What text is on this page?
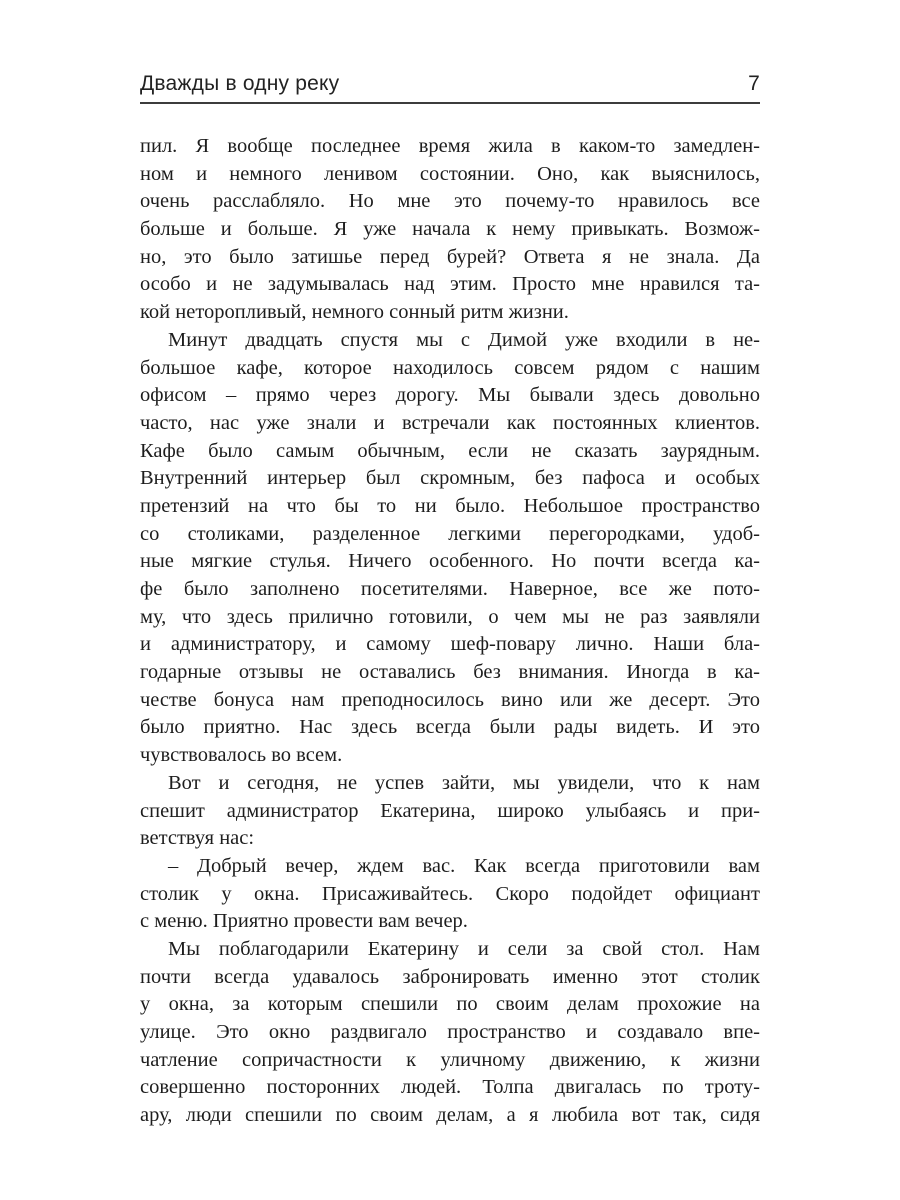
Дважды в одну реку	7
пил. Я вообще последнее время жила в каком-то замедлен-
ном и немного ленивом состоянии. Оно, как выяснилось,
очень расслабляло. Но мне это почему-то нравилось все
больше и больше. Я уже начала к нему привыкать. Возмож-
но, это было затишье перед бурей? Ответа я не знала. Да
особо и не задумывалась над этим. Просто мне нравился та-
кой неторопливый, немного сонный ритм жизни.
Минут двадцать спустя мы с Димой уже входили в не-
большое кафе, которое находилось совсем рядом с нашим
офисом – прямо через дорогу. Мы бывали здесь довольно
часто, нас уже знали и встречали как постоянных клиентов.
Кафе было самым обычным, если не сказать заурядным.
Внутренний интерьер был скромным, без пафоса и особых
претензий на что бы то ни было. Небольшое пространство
со столиками, разделенное легкими перегородками, удоб-
ные мягкие стулья. Ничего особенного. Но почти всегда ка-
фе было заполнено посетителями. Наверное, все же пото-
му, что здесь прилично готовили, о чем мы не раз заявляли
и администратору, и самому шеф-повару лично. Наши бла-
годарные отзывы не оставались без внимания. Иногда в ка-
честве бонуса нам преподносилось вино или же десерт. Это
было приятно. Нас здесь всегда были рады видеть. И это
чувствовалось во всем.
Вот и сегодня, не успев зайти, мы увидели, что к нам
спешит администратор Екатерина, широко улыбаясь и при-
ветствуя нас:
– Добрый вечер, ждем вас. Как всегда приготовили вам
столик у окна. Присаживайтесь. Скоро подойдет официант
с меню. Приятно провести вам вечер.
Мы поблагодарили Екатерину и сели за свой стол. Нам
почти всегда удавалось забронировать именно этот столик
у окна, за которым спешили по своим делам прохожие на
улице. Это окно раздвигало пространство и создавало впе-
чатление сопричастности к уличному движению, к жизни
совершенно посторонних людей. Толпа двигалась по троту-
ару, люди спешили по своим делам, а я любила вот так, сидя
